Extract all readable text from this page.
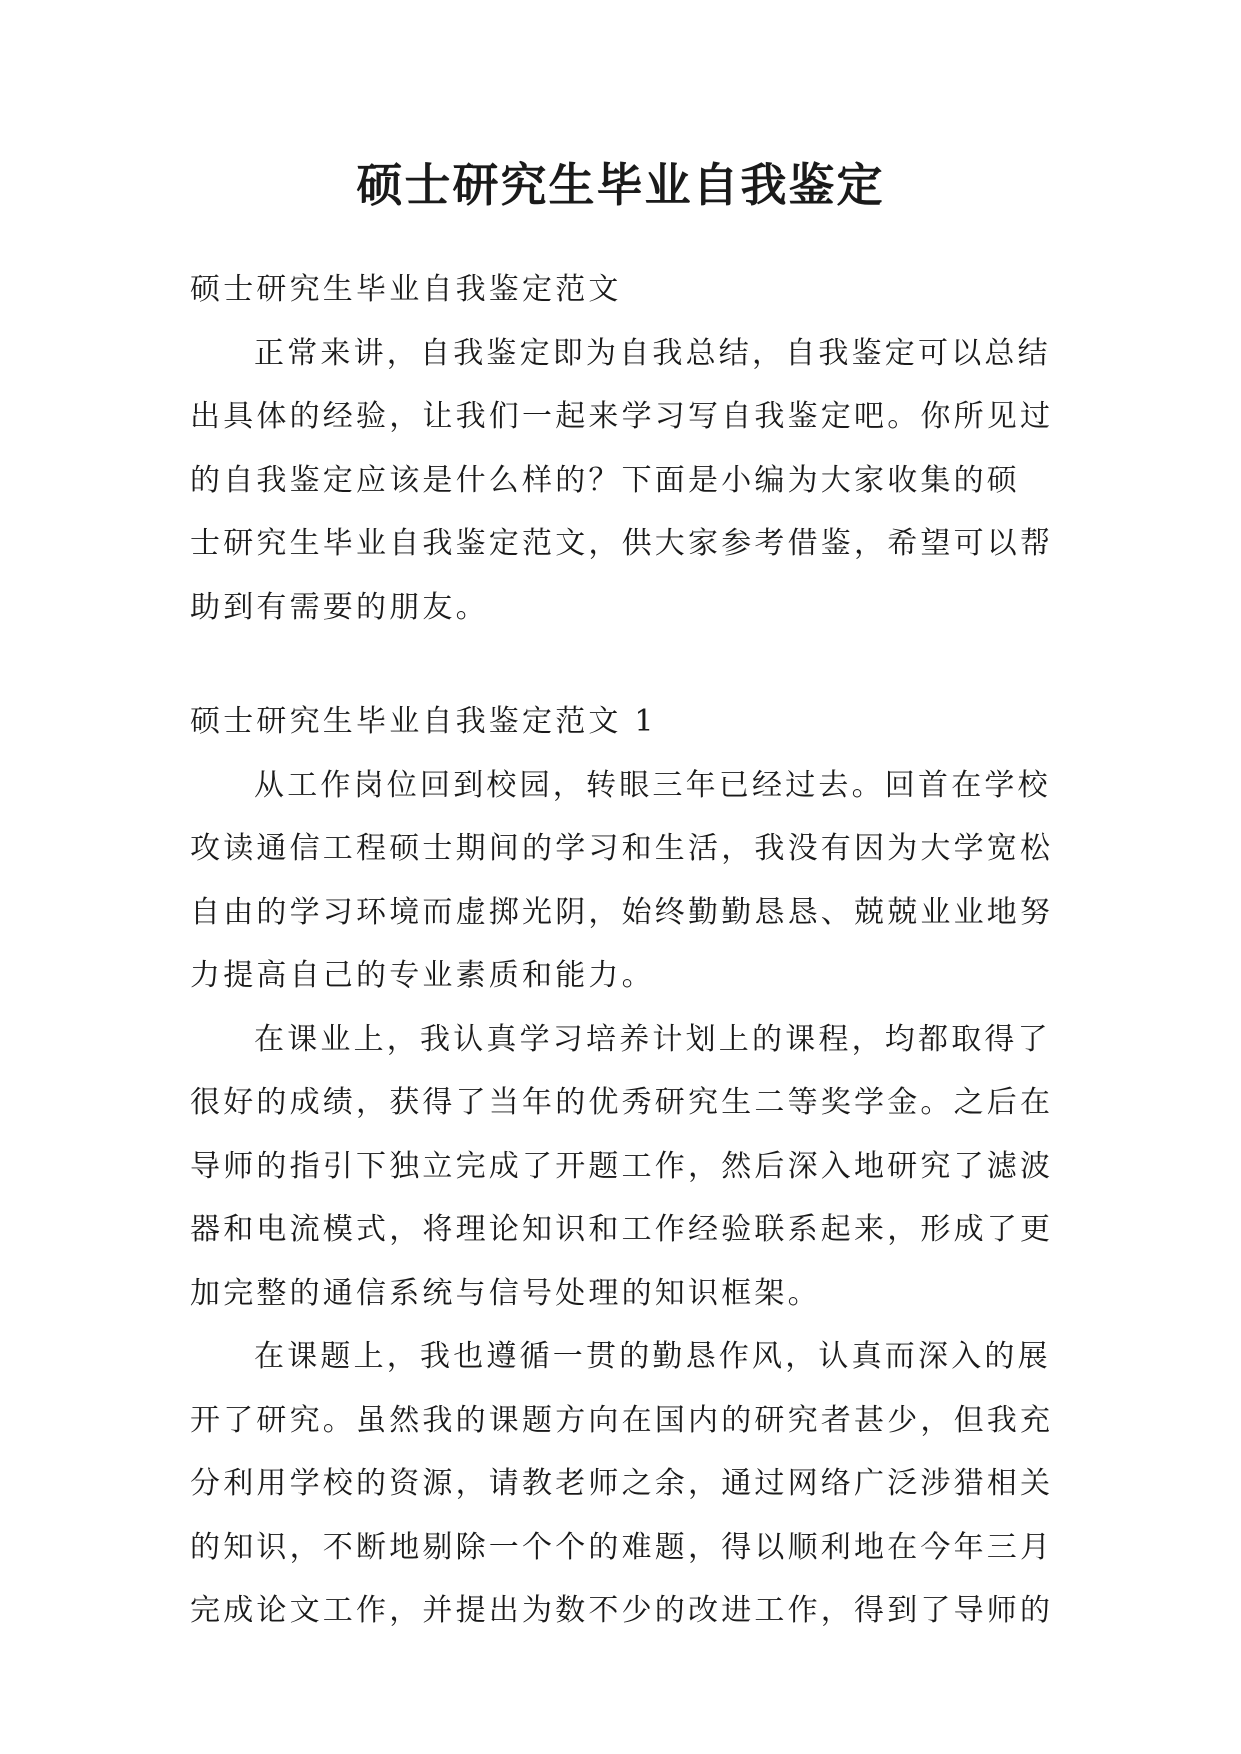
硕士研究生毕业自我鉴定
硕士研究生毕业自我鉴定范文
正常来讲，自我鉴定即为自我总结，自我鉴定可以总结
出具体的经验，让我们一起来学习写自我鉴定吧。你所见过
的自我鉴定应该是什么样的？下面是小编为大家收集的硕
士研究生毕业自我鉴定范文，供大家参考借鉴，希望可以帮
助到有需要的朋友。
硕士研究生毕业自我鉴定范文 1
从工作岗位回到校园，转眼三年已经过去。回首在学校
攻读通信工程硕士期间的学习和生活，我没有因为大学宽松
自由的学习环境而虚掷光阴，始终勤勤恳恳、兢兢业业地努
力提高自己的专业素质和能力。
在课业上，我认真学习培养计划上的课程，均都取得了
很好的成绩，获得了当年的优秀研究生二等奖学金。之后在
导师的指引下独立完成了开题工作，然后深入地研究了滤波
器和电流模式，将理论知识和工作经验联系起来，形成了更
加完整的通信系统与信号处理的知识框架。
在课题上，我也遵循一贯的勤恳作风，认真而深入的展
开了研究。虽然我的课题方向在国内的研究者甚少，但我充
分利用学校的资源，请教老师之余，通过网络广泛涉猎相关
的知识，不断地剔除一个个的难题，得以顺利地在今年三月
完成论文工作，并提出为数不少的改进工作，得到了导师的
